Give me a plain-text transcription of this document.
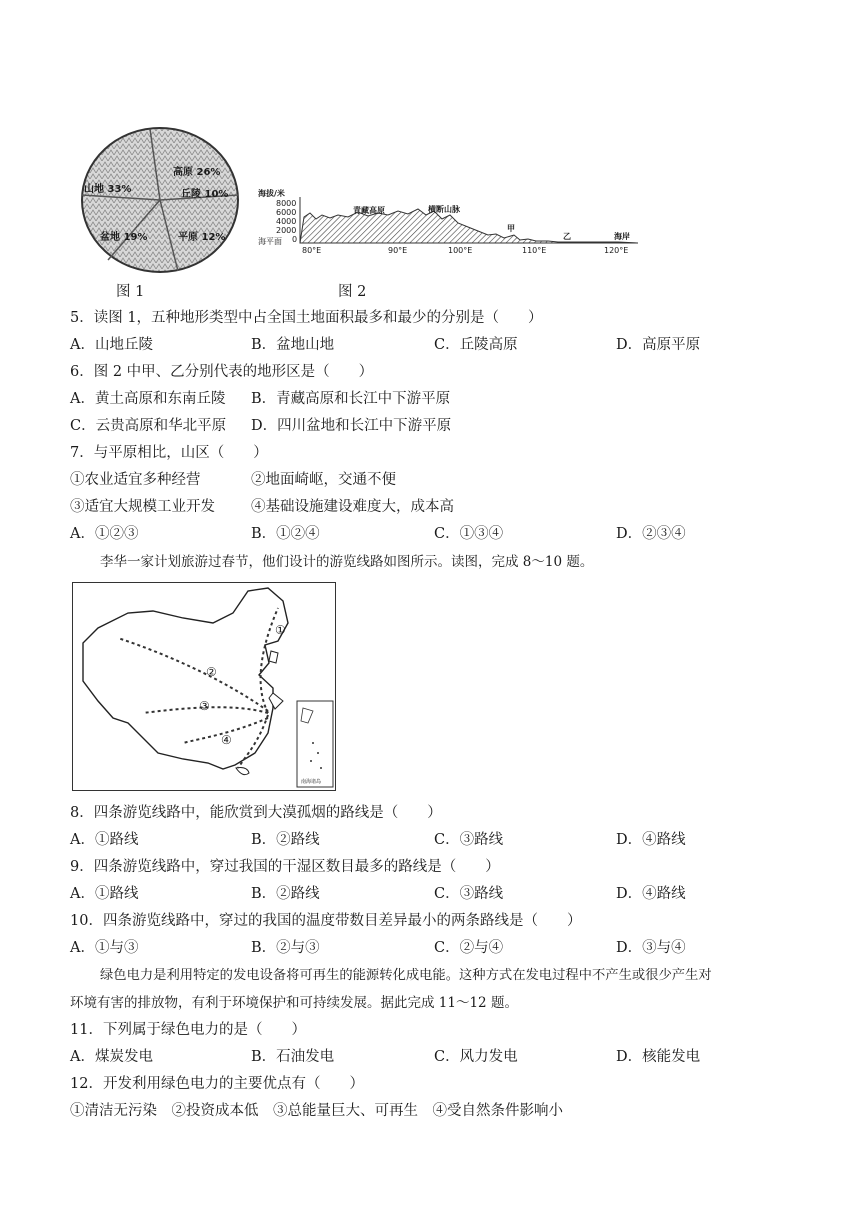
高原 26%
丘陵 10%
山地 33%
盆地 19%	平原 12%
海拔/米
8000
6000
4000
2000
0
海平面
80°E	90°E	100°E	110°E	120°E
青藏高原	横断山脉
甲
乙	海岸
图 1	图 2
5．读图 1，五种地形类型中占全国土地面积最多和最少的分别是（　　）
A．山地丘陵	B．盆地山地	C．丘陵高原	D．高原平原
6．图 2 中甲、乙分别代表的地形区是（　　）
A．黄土高原和东南丘陵 B．青藏高原和长江中下游平原
C．云贵高原和华北平原 D．四川盆地和长江中下游平原
7．与平原相比，山区（　　）
①农业适宜多种经营	②地面崎岖，交通不便
③适宜大规模工业开发 ④基础设施建设难度大，成本高
A．①②③	B．①②④	C．①③④	D．②③④
李华一家计划旅游过春节，他们设计的游览线路如图所示。读图，完成 8～10 题。
①
②
③
④
南海诸岛
8．四条游览线路中，能欣赏到大漠孤烟的路线是（　　）
A．①路线	B．②路线	C．③路线	D．④路线
9．四条游览线路中，穿过我国的干湿区数目最多的路线是（　　）
A．①路线	B．②路线	C．③路线	D．④路线
10．四条游览线路中，穿过的我国的温度带数目差异最小的两条路线是（　　）
A．①与③	B．②与③	C．②与④	D．③与④
绿色电力是利用特定的发电设备将可再生的能源转化成电能。这种方式在发电过程中不产生或很少产生对
环境有害的排放物，有利于环境保护和可持续发展。据此完成 11～12 题。
11．下列属于绿色电力的是（　　）
A．煤炭发电	B．石油发电	C．风力发电	D．核能发电
12．开发利用绿色电力的主要优点有（　　）
①清洁无污染　②投资成本低　③总能量巨大、可再生　④受自然条件影响小
